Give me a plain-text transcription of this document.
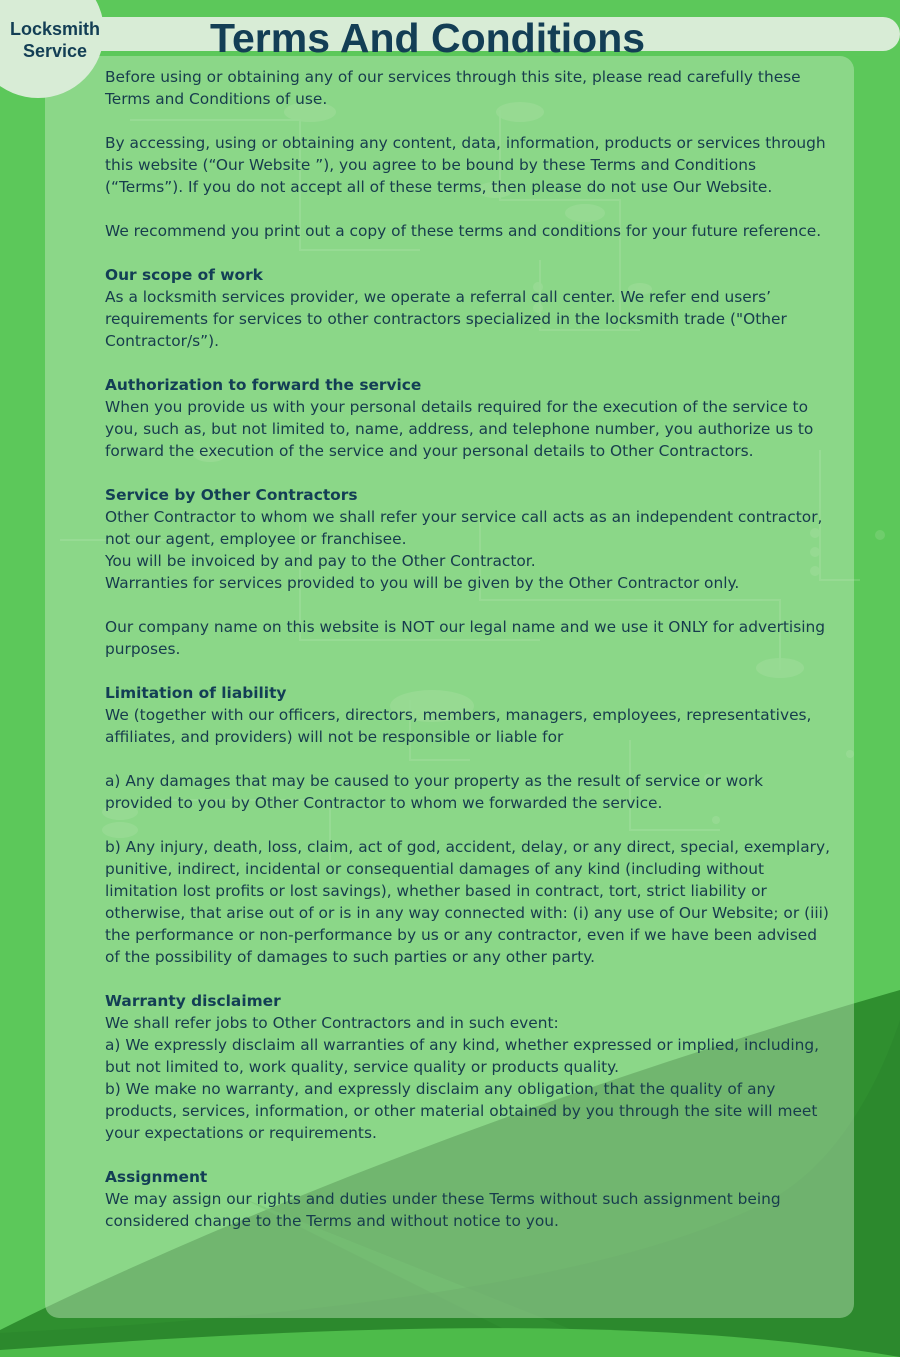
Locksmith
Service	Terms And Conditions

Before using or obtaining any of our services through this site, please read carefully these Terms and Conditions of use.

By accessing, using or obtaining any content, data, information, products or services through this website (“Our Website ”), you agree to be bound by these Terms and Conditions (“Terms”). If you do not accept all of these terms, then please do not use Our Website.

We recommend you print out a copy of these terms and conditions for your future reference.

Our scope of work

As a locksmith services provider, we operate a referral call center. We refer end users’ requirements for services to other contractors specialized in the locksmith trade ("Other Contractor/s”).

Authorization to forward the service

When you provide us with your personal details required for the execution of the service to you, such as, but not limited to, name, address, and telephone number, you authorize us to forward the execution of the service and your personal details to Other Contractors.

Service by Other Contractors

Other Contractor to whom we shall refer your service call acts as an independent contractor, not our agent, employee or franchisee.
You will be invoiced by and pay to the Other Contractor.
Warranties for services provided to you will be given by the Other Contractor only.

Our company name on this website is NOT our legal name and we use it ONLY for advertising purposes.

Limitation of liability

We (together with our officers, directors, members, managers, employees, representatives, affiliates, and providers) will not be responsible or liable for

a) Any damages that may be caused to your property as the result of service or work provided to you by Other Contractor to whom we forwarded the service.

b) Any injury, death, loss, claim, act of god, accident, delay, or any direct, special, exemplary, punitive, indirect, incidental or consequential damages of any kind (including without limitation lost profits or lost savings), whether based in contract, tort, strict liability or otherwise, that arise out of or is in any way connected with: (i) any use of Our Website; or (iii) the performance or non-performance by us or any contractor, even if we have been advised of the possibility of damages to such parties or any other party.

Warranty disclaimer

We shall refer jobs to Other Contractors and in such event:
a) We expressly disclaim all warranties of any kind, whether expressed or implied, including, but not limited to, work quality, service quality or products quality.
b) We make no warranty, and expressly disclaim any obligation, that the quality of any products, services, information, or other material obtained by you through the site will meet your expectations or requirements.

Assignment

We may assign our rights and duties under these Terms without such assignment being considered change to the Terms and without notice to you.
